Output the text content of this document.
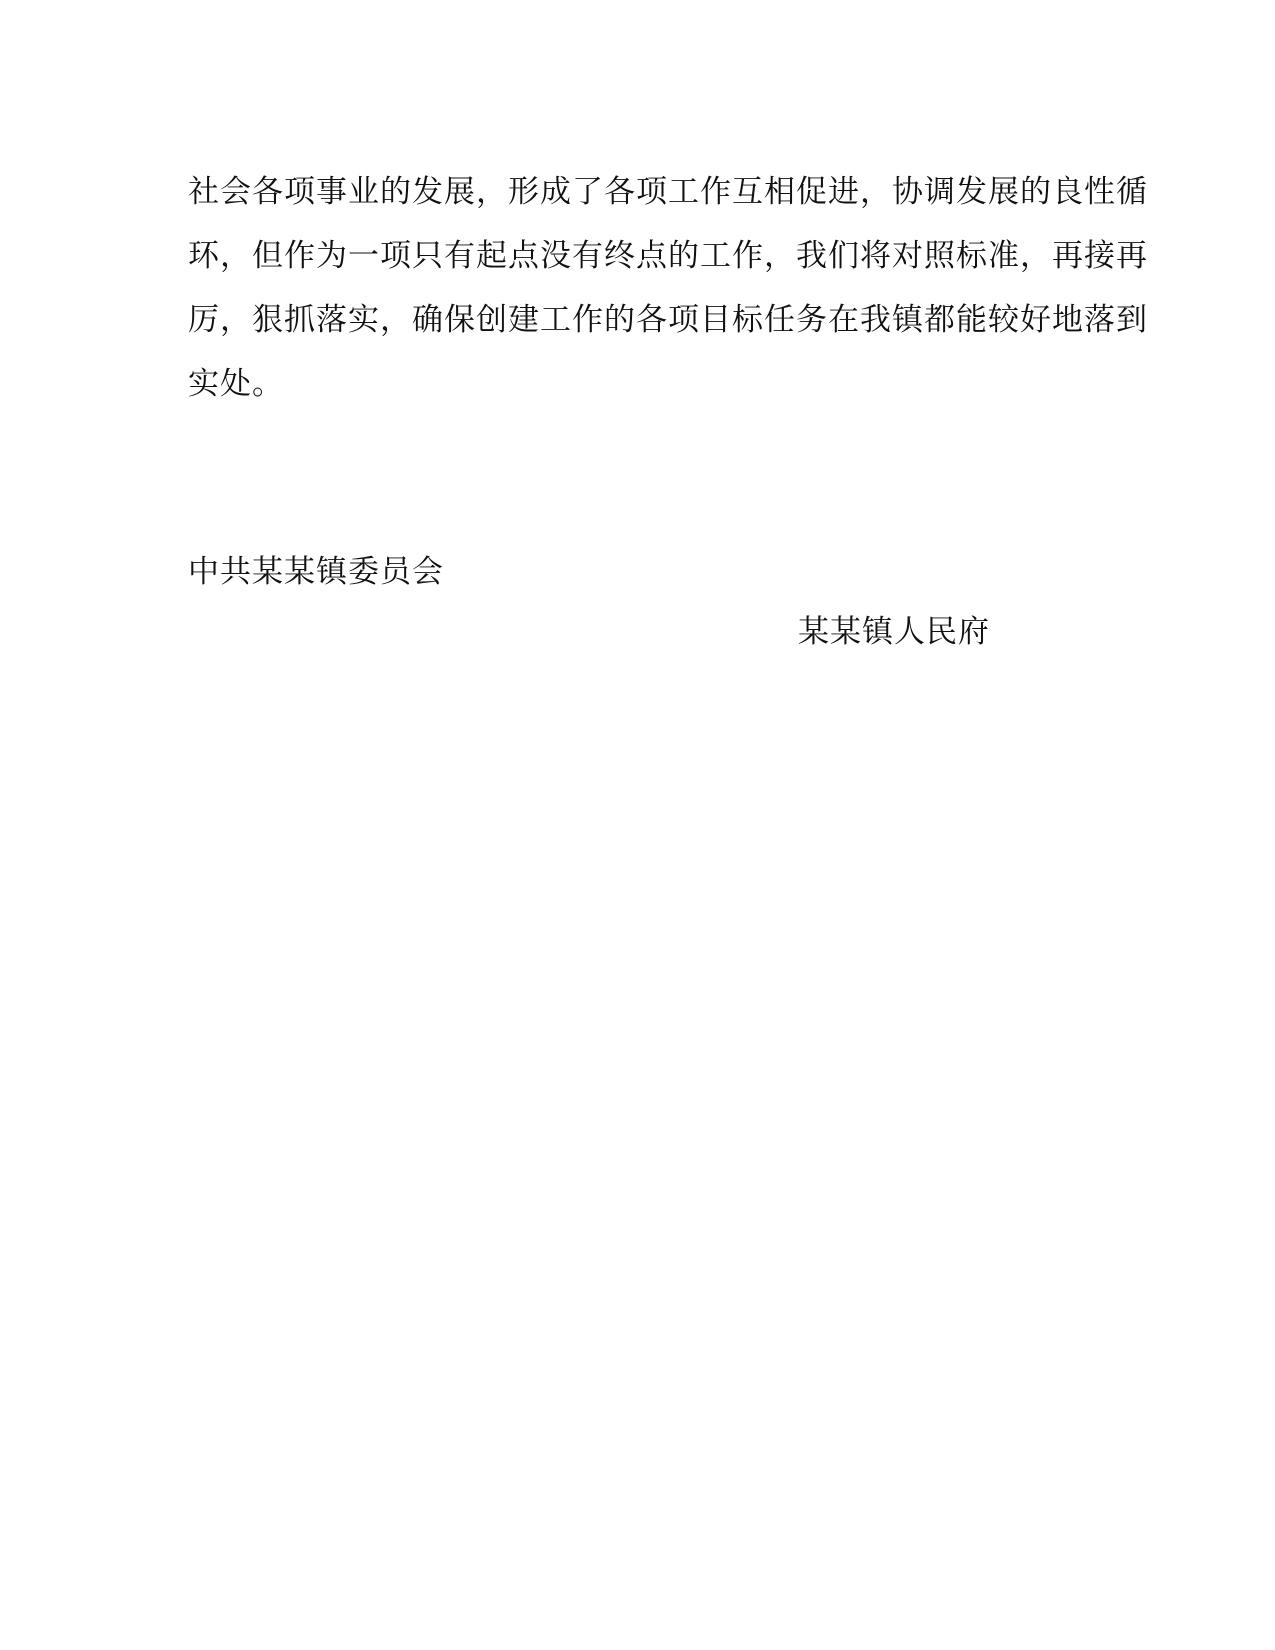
社会各项事业的发展，形成了各项工作互相促进，协调发展的良性循
环，但作为一项只有起点没有终点的工作，我们将对照标准，再接再
厉，狠抓落实，确保创建工作的各项目标任务在我镇都能较好地落到
实处。
中共某某镇委员会
某某镇人民府
